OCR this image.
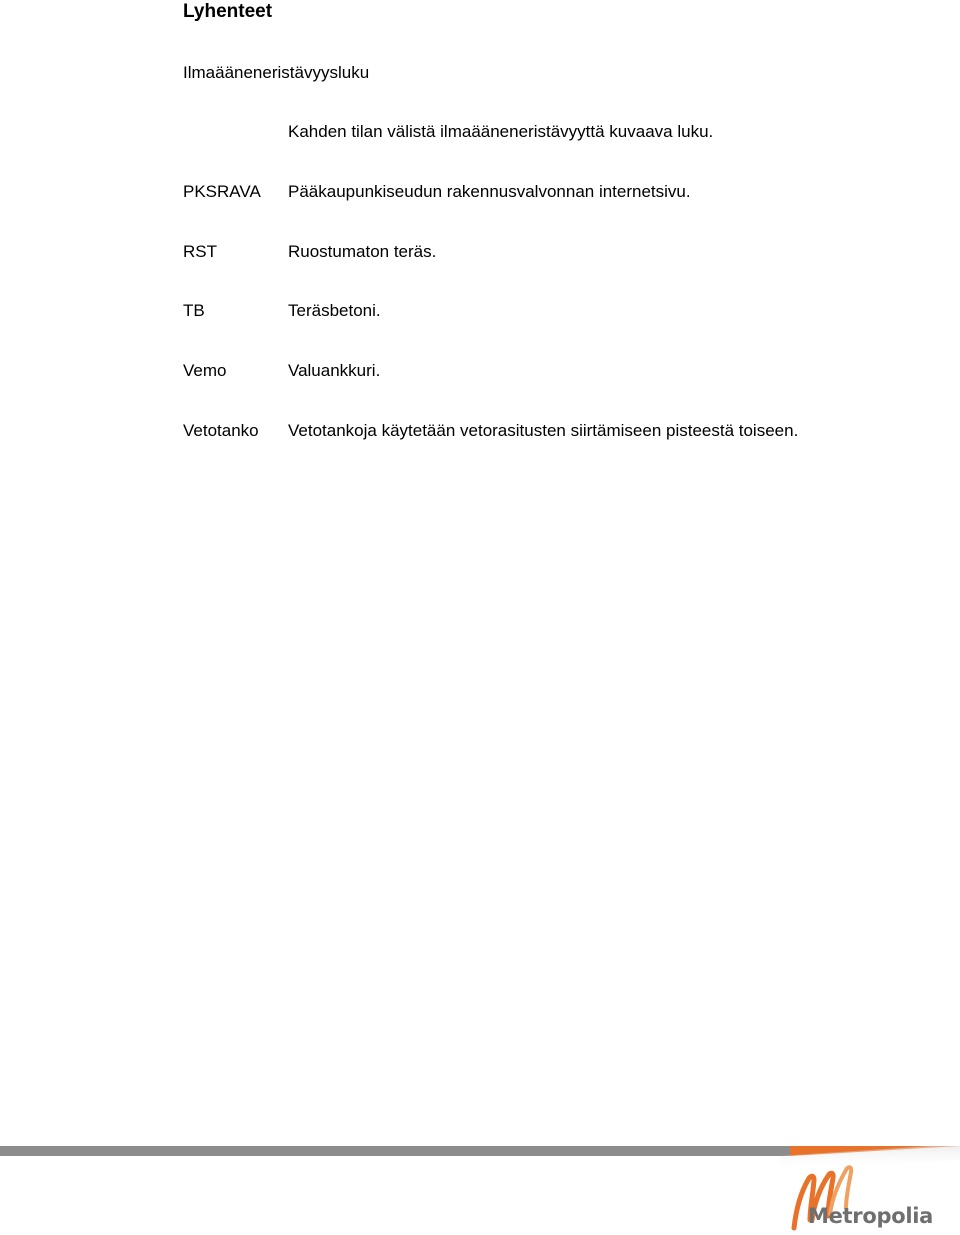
Lyhenteet
Ilmaääneneristävyysluku
Kahden tilan välistä ilmaääneneristävyyttä kuvaava luku.
PKSRAVA Pääkaupunkiseudun rakennusvalvonnan internetsivu.
RST	Ruostumaton teräs.
TB	Teräsbetoni.
Vemo	Valuankkuri.
Vetotanko Vetotankoja käytetään vetorasitusten siirtämiseen pisteestä toiseen.
Metropolia
